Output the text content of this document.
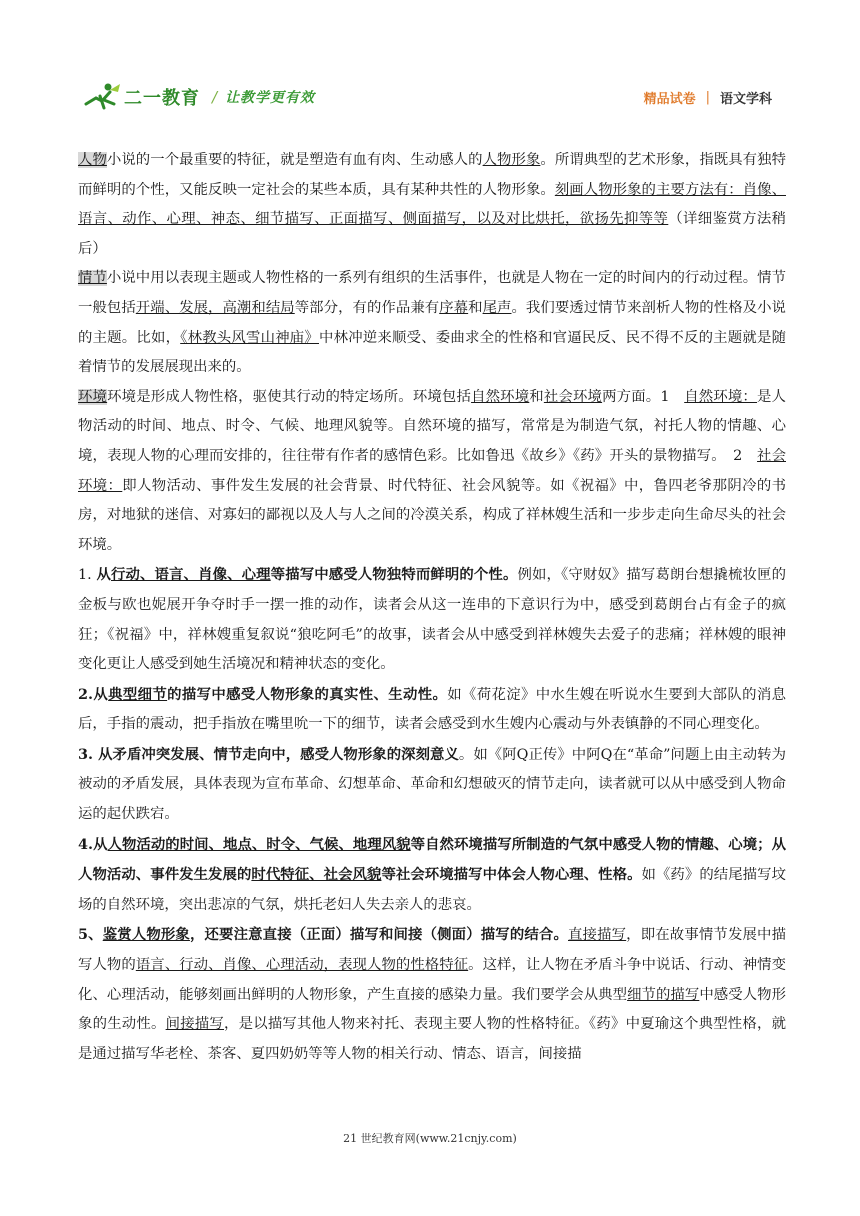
二一教育 / 让教学更有效	精品试卷 | 语文学科

人物小说的一个最重要的特征，就是塑造有血有肉、生动感人的人物形象。所谓典型的艺术形象，指既具有独特而鲜明的个性，又能反映一定社会的某些本质，具有某种共性的人物形象。刻画人物形象的主要方法有：肖像、语言、动作、心理、神态、细节描写、正面描写、侧面描写，以及对比烘托，欲扬先抑等等（详细鉴赏方法稍后）

情节小说中用以表现主题或人物性格的一系列有组织的生活事件，也就是人物在一定的时间内的行动过程。情节一般包括开端、发展，高潮和结局等部分，有的作品兼有序幕和尾声。我们要透过情节来剖析人物的性格及小说的主题。比如，《林教头风雪山神庙》中林冲逆来顺受、委曲求全的性格和官逼民反、民不得不反的主题就是随着情节的发展展现出来的。

环境环境是形成人物性格，驱使其行动的特定场所。环境包括自然环境和社会环境两方面。1　自然环境：是人物活动的时间、地点、时令、气候、地理风貌等。自然环境的描写，常常是为制造气氛，衬托人物的情趣、心境，表现人物的心理而安排的，往往带有作者的感情色彩。比如鲁迅《故乡》《药》开头的景物描写。　2　社会环境：即人物活动、事件发生发展的社会背景、时代特征、社会风貌等。如《祝福》中，鲁四老爷那阴冷的书房，对地狱的迷信、对寡妇的鄙视以及人与人之间的冷漠关系，构成了祥林嫂生活和一步步走向生命尽头的社会环境。

1. 从行动、语言、肖像、心理等描写中感受人物独特而鲜明的个性。例如，《守财奴》描写葛朗台想撬梳妆匣的金板与欧也妮展开争夺时手一摆一推的动作，读者会从这一连串的下意识行为中，感受到葛朗台占有金子的疯狂；《祝福》中，祥林嫂重复叙说“狼吃阿毛”的故事，读者会从中感受到祥林嫂失去爱子的悲痛；祥林嫂的眼神变化更让人感受到她生活境况和精神状态的变化。

2.从典型细节的描写中感受人物形象的真实性、生动性。如《荷花淀》中水生嫂在听说水生要到大部队的消息后，手指的震动，把手指放在嘴里吮一下的细节，读者会感受到水生嫂内心震动与外表镇静的不同心理变化。

3. 从矛盾冲突发展、情节走向中，感受人物形象的深刻意义。如《阿Q正传》中阿Q在“革命”问题上由主动转为被动的矛盾发展，具体表现为宣布革命、幻想革命、革命和幻想破灭的情节走向，读者就可以从中感受到人物命运的起伏跌宕。

4.从人物活动的时间、地点、时令、气候、地理风貌等自然环境描写所制造的气氛中感受人物的情趣、心境；从人物活动、事件发生发展的时代特征、社会风貌等社会环境描写中体会人物心理、性格。如《药》的结尾描写坟场的自然环境，突出悲凉的气氛，烘托老妇人失去亲人的悲哀。

5、鉴赏人物形象，还要注意直接（正面）描写和间接（侧面）描写的结合。直接描写，即在故事情节发展中描写人物的语言、行动、肖像、心理活动，表现人物的性格特征。这样，让人物在矛盾斗争中说话、行动、神情变化、心理活动，能够刻画出鲜明的人物形象，产生直接的感染力量。我们要学会从典型细节的描写中感受人物形象的生动性。间接描写，是以描写其他人物来衬托、表现主要人物的性格特征。《药》中夏瑜这个典型性格，就是通过描写华老栓、茶客、夏四奶奶等等人物的相关行动、情态、语言，间接描

21 世纪教育网(www.21cnjy.com)
